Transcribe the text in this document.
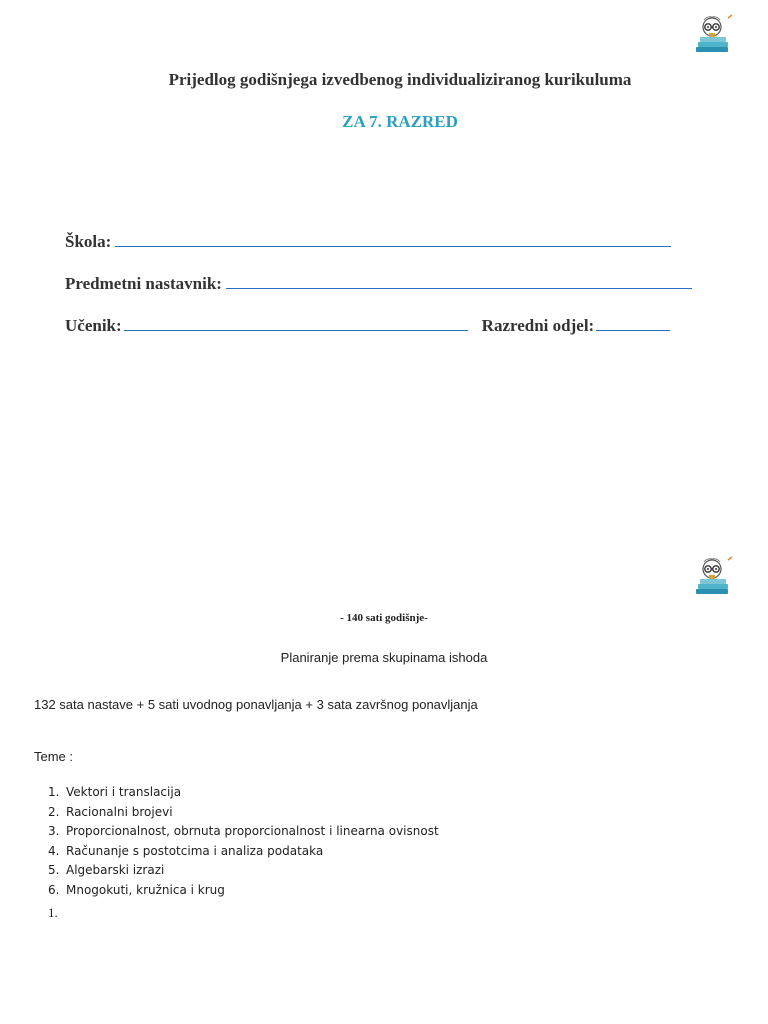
Prijedlog godišnjega izvedbenog individualiziranog kurikuluma
ZA 7. RAZRED
Škola:
Predmetni nastavnik:
Učenik:	Razredni odjel:
- 140 sati godišnje-
Planiranje prema skupinama ishoda
132 sata nastave + 5 sati uvodnog ponavljanja + 3 sata završnog ponavljanja
Teme :
1. Vektori i translacija
2. Racionalni brojevi
3. Proporcionalnost, obrnuta proporcionalnost i linearna ovisnost
4. Računanje s postotcima i analiza podataka
5. Algebarski izrazi
6. Mnogokuti, kružnica i krug
1.
